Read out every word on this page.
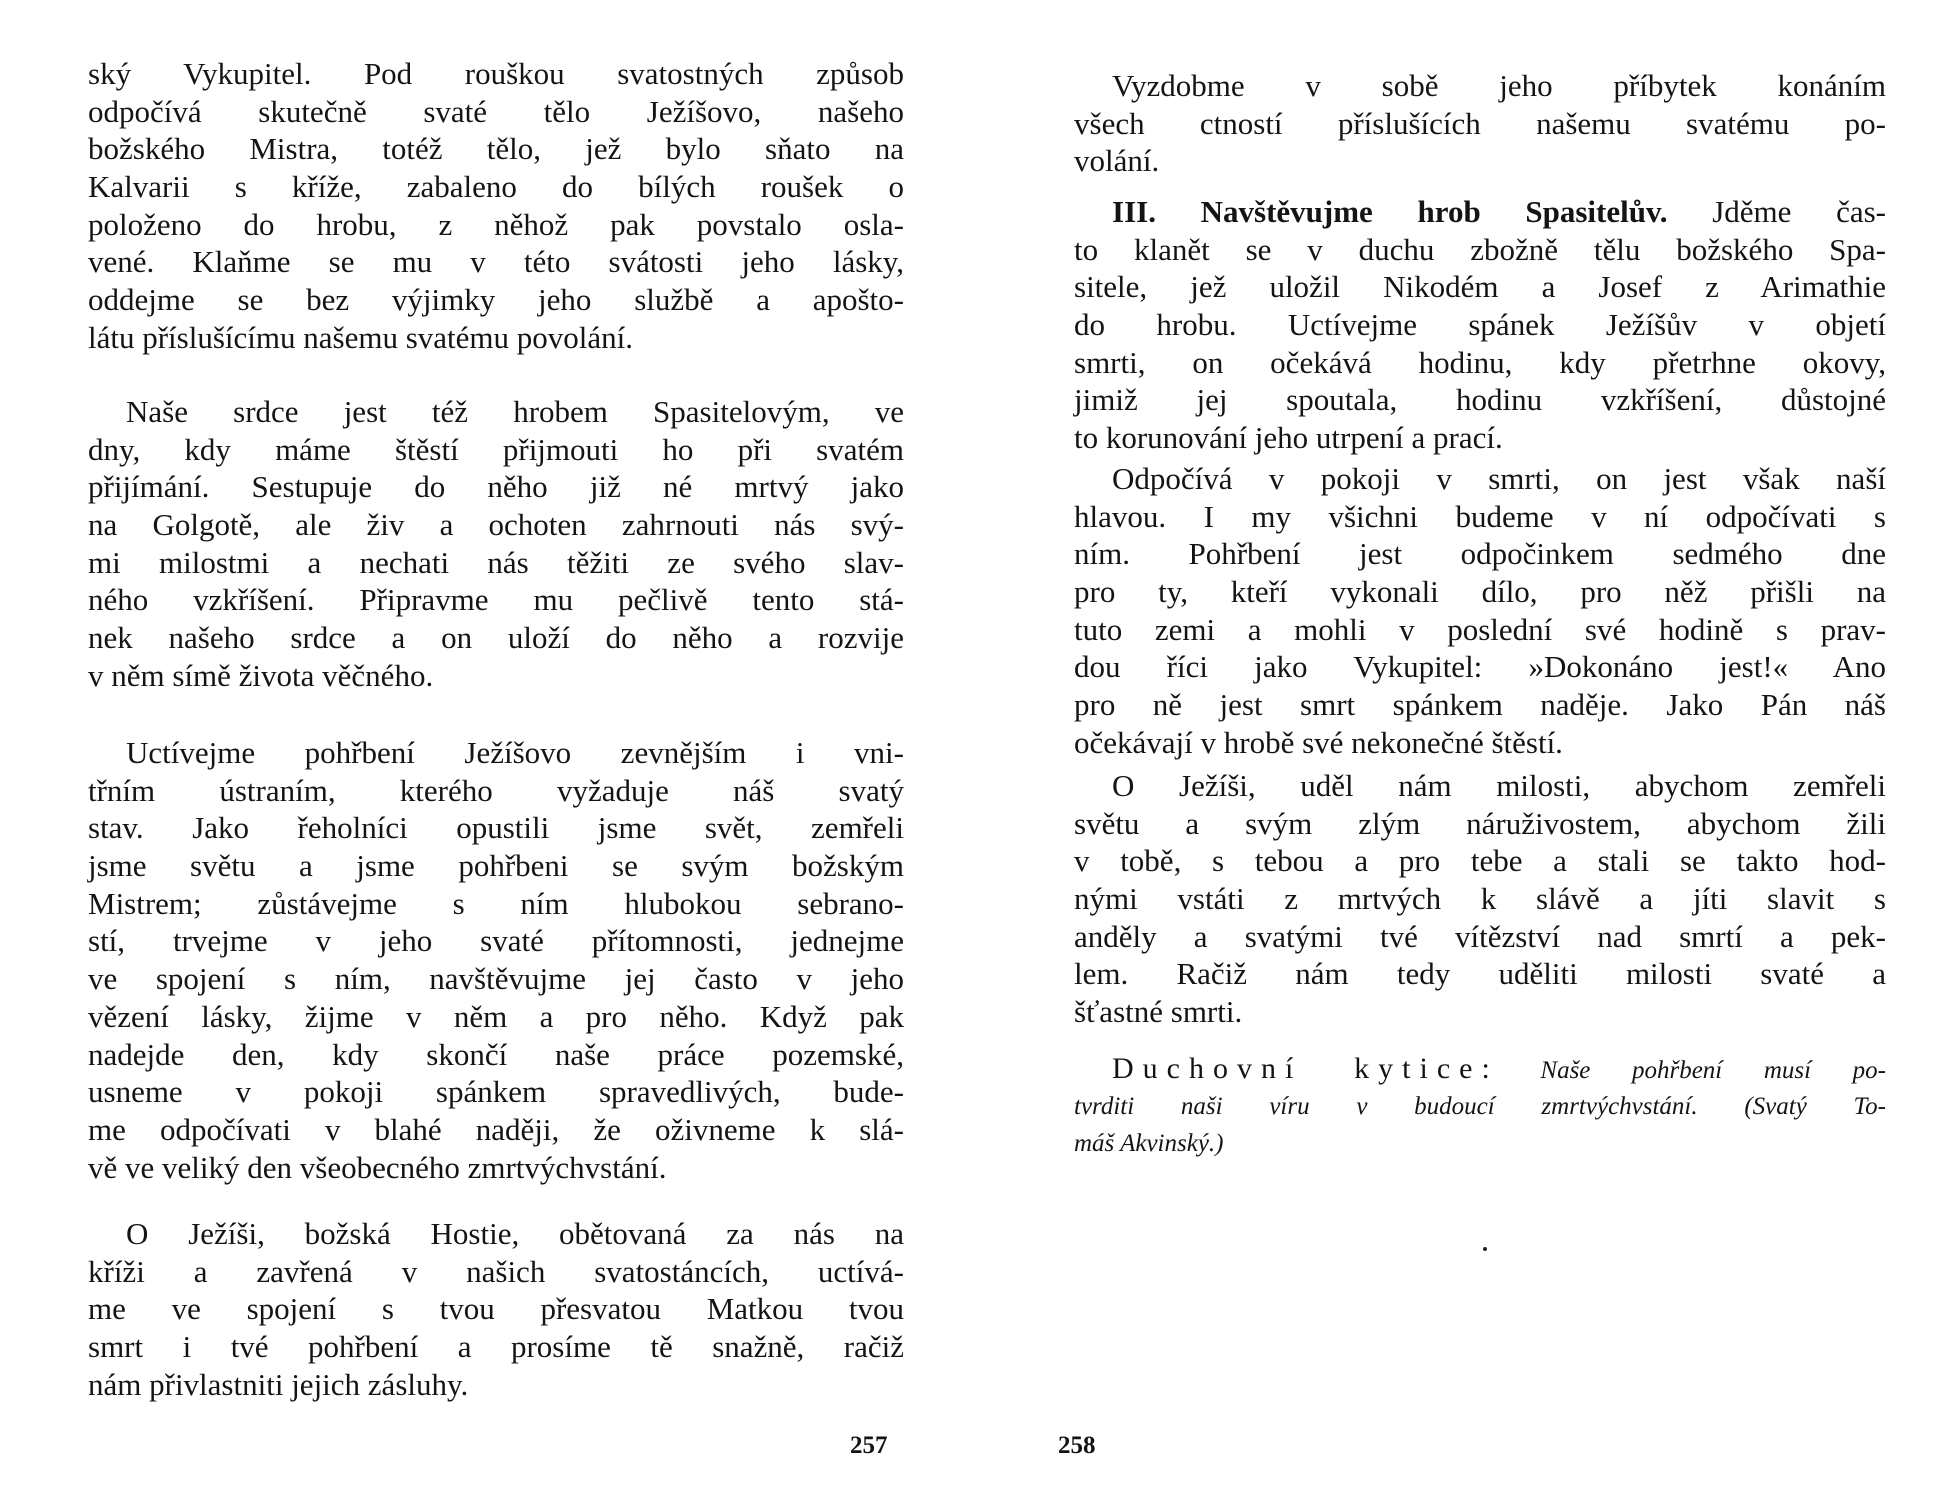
ský Vykupitel. Pod rouškou svatostných způsob
odpočívá skutečně svaté tělo Ježíšovo, našeho
božského Mistra, totéž tělo, jež bylo sňato na
Kalvarii s kříže, zabaleno do bílých roušek o
položeno do hrobu, z něhož pak povstalo osla-
vené. Klaňme se mu v této svátosti jeho lásky,
oddejme se bez výjimky jeho službě a apošto-
látu příslušícímu našemu svatému povolání.
Naše srdce jest též hrobem Spasitelovým, ve
dny, kdy máme štěstí přijmouti ho při svatém
přijímání. Sestupuje do něho již né mrtvý jako
na Golgotě, ale živ a ochoten zahrnouti nás svý-
mi milostmi a nechati nás těžiti ze svého slav-
ného vzkříšení. Připravme mu pečlivě tento stá-
nek našeho srdce a on uloží do něho a rozvije
v něm símě života věčného.
Uctívejme pohřbení Ježíšovo zevnějším i vni-
třním ústraním, kterého vyžaduje náš svatý
stav. Jako řeholníci opustili jsme svět, zemřeli
jsme světu a jsme pohřbeni se svým božským
Mistrem; zůstávejme s ním hlubokou sebrano-
stí, trvejme v jeho svaté přítomnosti, jednejme
ve spojení s ním, navštěvujme jej často v jeho
vězení lásky, žijme v něm a pro něho. Když pak
nadejde den, kdy skončí naše práce pozemské,
usneme v pokoji spánkem spravedlivých, bude-
me odpočívati v blahé naději, že oživneme k slá-
vě ve veliký den všeobecného zmrtvýchvstání.
O Ježíši, božská Hostie, obětovaná za nás na
kříži a zavřená v našich svatostáncích, uctívá-
me ve spojení s tvou přesvatou Matkou tvou
smrt i tvé pohřbení a prosíme tě snažně, račiž
nám přivlastniti jejich zásluhy.
Vyzdobme v sobě jeho příbytek konáním
všech ctností příslušících našemu svatému po-
volání.
III. Navštěvujme hrob Spasitelův. Jděme čas-
to klanět se v duchu zbožně tělu božského Spa-
sitele, jež uložil Nikodém a Josef z Arimathie
do hrobu. Uctívejme spánek Ježíšův v objetí
smrti, on očekává hodinu, kdy přetrhne okovy,
jimiž jej spoutala, hodinu vzkříšení, důstojné
to korunování jeho utrpení a prací.
Odpočívá v pokoji v smrti, on jest však naší
hlavou. I my všichni budeme v ní odpočívati s
ním. Pohřbení jest odpočinkem sedmého dne
pro ty, kteří vykonali dílo, pro něž přišli na
tuto zemi a mohli v poslední své hodině s prav-
dou říci jako Vykupitel: »Dokonáno jest!« Ano
pro ně jest smrt spánkem naděje. Jako Pán náš
očekávají v hrobě své nekonečné štěstí.
O Ježíši, uděl nám milosti, abychom zemřeli
světu a svým zlým náruživostem, abychom žili
v tobě, s tebou a pro tebe a stali se takto hod-
nými vstáti z mrtvých k slávě a jíti slavit s
anděly a svatými tvé vítězství nad smrtí a pek-
lem. Račiž nám tedy uděliti milosti svaté a
šťastné smrti.
Duchovní kytice: Naše pohřbení musí po-
tvrditi naši víru v budoucí zmrtvýchvstání. (Svatý To-
máš Akvinský.)
257	258
